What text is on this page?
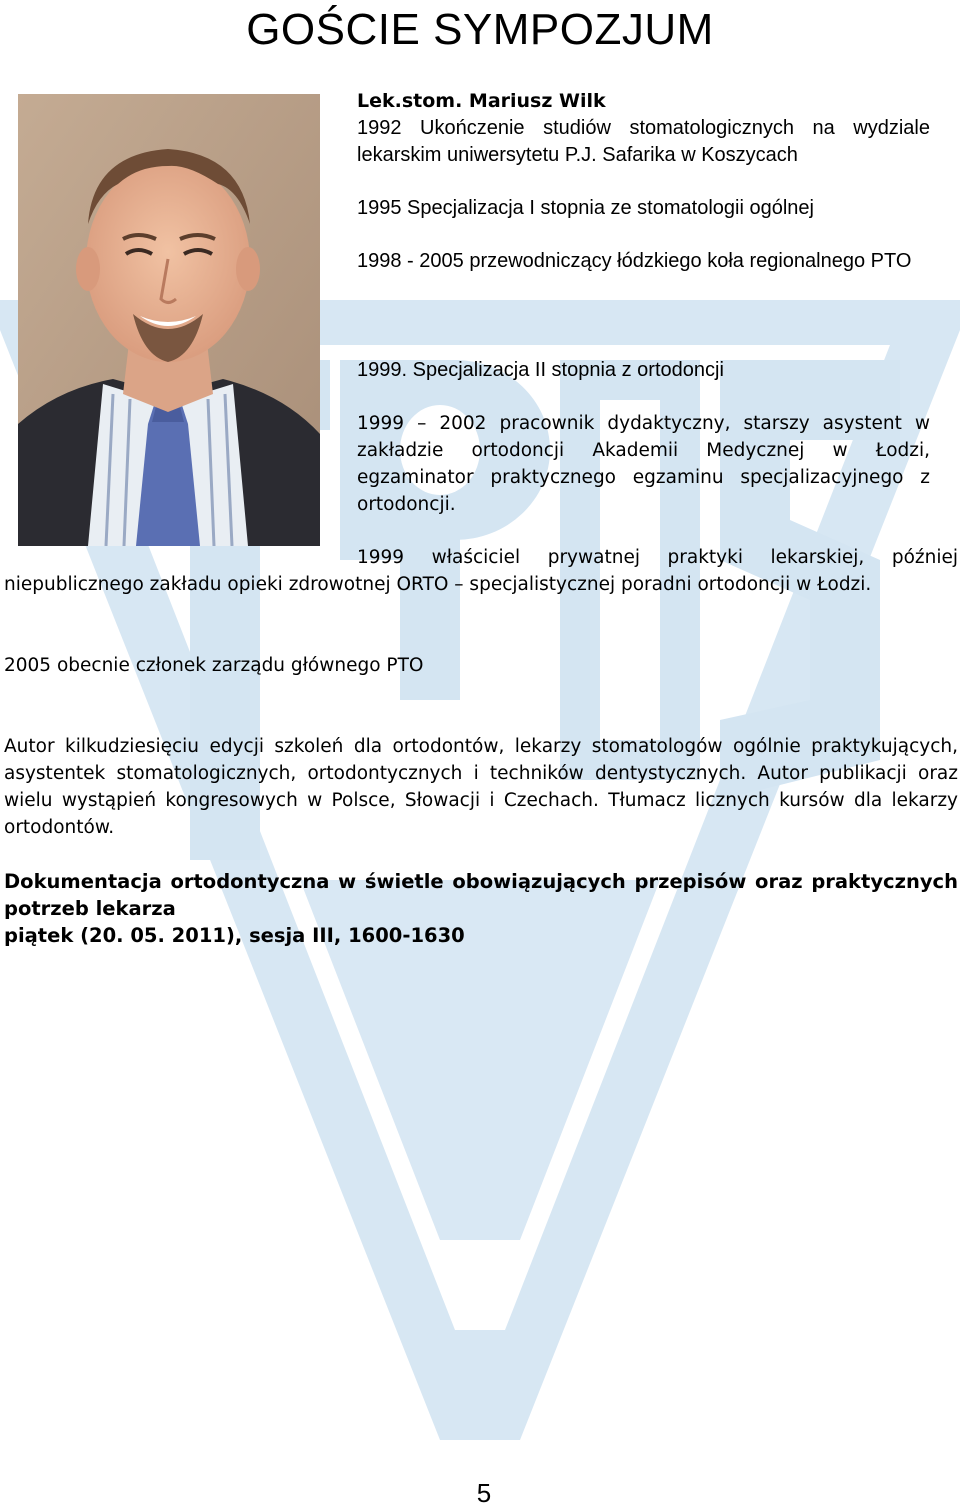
GOŚCIE SYMPOZJUM

Lek.stom. Mariusz Wilk

1992 Ukończenie studiów stomatologicznych na wydziale lekarskim uniwersytetu P.J. Safarika w Koszycach

1995 Specjalizacja I stopnia ze stomatologii ogólnej

1998 - 2005 przewodniczący łódzkiego koła regionalnego PTO

1999. Specjalizacja II stopnia z ortodoncji

1999 – 2002 pracownik dydaktyczny, starszy asystent w zakładzie ortodoncji Akademii Medycznej w Łodzi, egzaminator praktycznego egzaminu specjalizacyjnego z ortodoncji.

1999 właściciel prywatnej praktyki lekarskiej, później niepublicznego zakładu opieki zdrowotnej ORTO – specjalistycznej poradni ortodoncji w Łodzi.

2005 obecnie członek zarządu głównego PTO

Autor kilkudziesięciu edycji szkoleń dla ortodontów, lekarzy stomatologów ogólnie praktykujących, asystentek stomatologicznych, ortodontycznych i techników dentystycznych. Autor publikacji oraz wielu wystąpień kongresowych w Polsce, Słowacji i Czechach. Tłumacz licznych kursów dla lekarzy ortodontów.

Dokumentacja ortodontyczna w świetle obowiązujących przepisów oraz praktycznych potrzeb lekarza

piątek (20. 05. 2011), sesja III, 1600-1630

5
